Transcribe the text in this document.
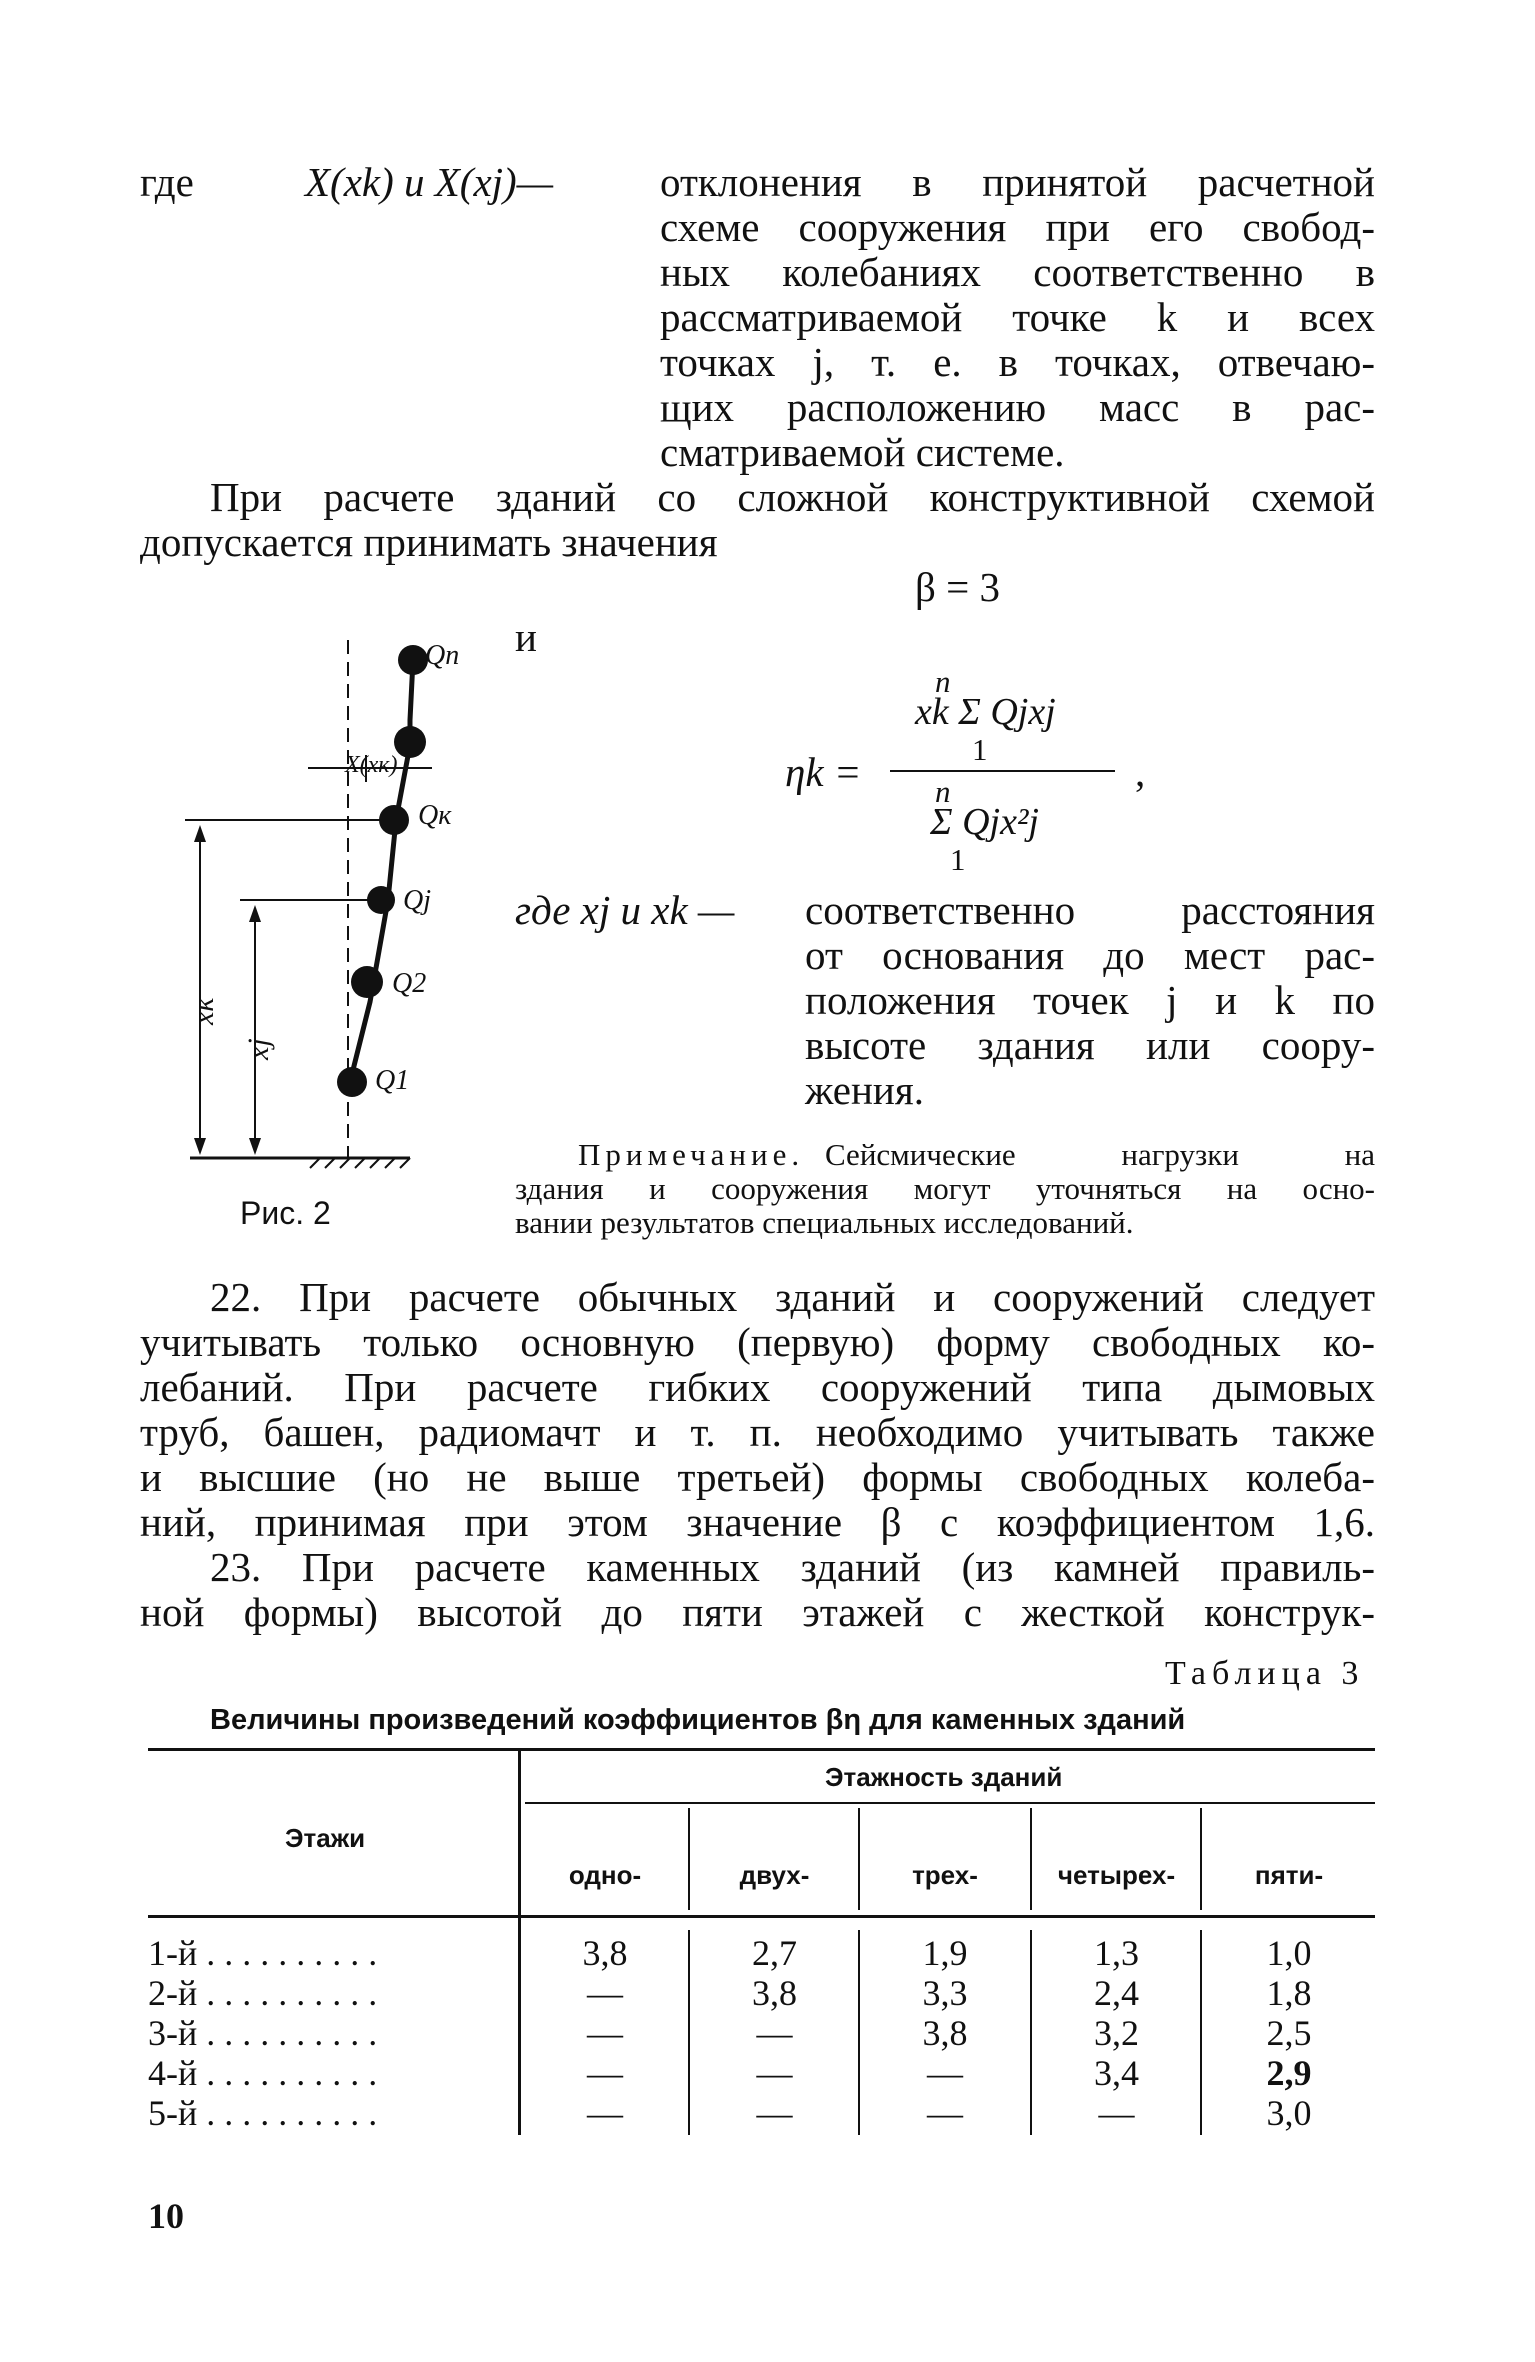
где	X(xk) и X(xj)—	отклонения в принятой расчетной
схеме сооружения при его свобод-
ных колебаниях соответственно в
рассматриваемой точке k и всех
точках j, т. е. в точках, отвечаю-
щих расположению масс в рас-
сматриваемой системе.
При расчете зданий со сложной конструктивной схемой
допускается принимать значения
β = 3
и
ηk =
n
xk Σ Qjxj
1
n
Σ Qjx²j
1
,
где xj и xk — соответственно расстояния
от основания до мест рас-
положения точек j и k по
высоте здания или соору-
жения.
Примечание. Сейсмические нагрузки на
здания и сооружения могут уточняться на осно-
вании результатов специальных исследований.
Qn
Qк
Qj
Q2
Q1
X(xк)
xк
xj
Рис. 2
22. При расчете обычных зданий и сооружений следует
учитывать только основную (первую) форму свободных ко-
лебаний. При расчете гибких сооружений типа дымовых
труб, башен, радиомачт и т. п. необходимо учитывать также
и высшие (но не выше третьей) формы свободных колеба-
ний, принимая при этом значение β с коэффициентом 1,6.
23. При расчете каменных зданий (из камней правиль-
ной формы) высотой до пяти этажей с жесткой конструк-
Таблица 3
Величины произведений коэффициентов βη для каменных зданий
Этажность зданий
Этажи
одно-	двух-	трех-	четырех-	пяти-
1-й . . . . . . . . . .	3,8	2,7	1,9	1,3	1,0
2-й . . . . . . . . . .	—	3,8	3,3	2,4	1,8
3-й . . . . . . . . . .	—	—	3,8	3,2	2,5
4-й . . . . . . . . . .	—	—	—	3,4	2,9
5-й . . . . . . . . . .	—	—	—	—	3,0
10
